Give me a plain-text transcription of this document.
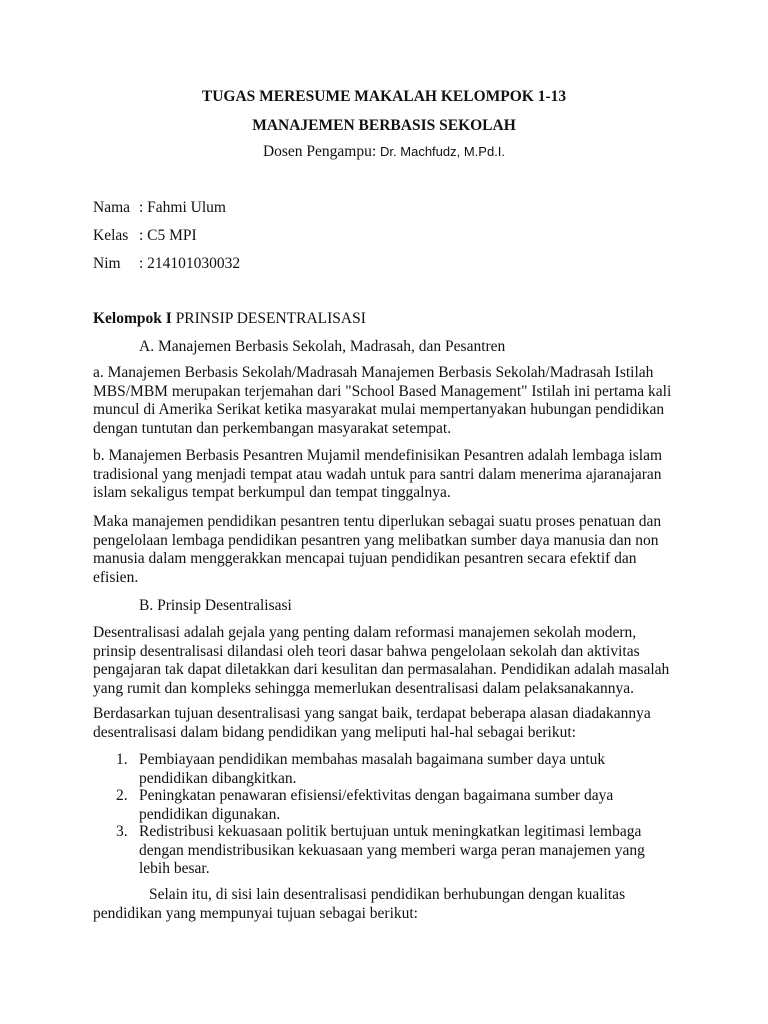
TUGAS MERESUME MAKALAH KELOMPOK 1-13
MANAJEMEN BERBASIS SEKOLAH
Dosen Pengampu: Dr. Machfudz, M.Pd.I.
Nama : Fahmi Ulum
Kelas : C5 MPI
Nim : 214101030032
Kelompok I PRINSIP DESENTRALISASI
A. Manajemen Berbasis Sekolah, Madrasah, dan Pesantren
a. Manajemen Berbasis Sekolah/Madrasah Manajemen Berbasis Sekolah/Madrasah Istilah
MBS/MBM merupakan terjemahan dari "School Based Management" Istilah ini pertama kali
muncul di Amerika Serikat ketika masyarakat mulai mempertanyakan hubungan pendidikan
dengan tuntutan dan perkembangan masyarakat setempat.
b. Manajemen Berbasis Pesantren Mujamil mendefinisikan Pesantren adalah lembaga islam
tradisional yang menjadi tempat atau wadah untuk para santri dalam menerima ajaranajaran
islam sekaligus tempat berkumpul dan tempat tinggalnya.
Maka manajemen pendidikan pesantren tentu diperlukan sebagai suatu proses penatuan dan
pengelolaan lembaga pendidikan pesantren yang melibatkan sumber daya manusia dan non
manusia dalam menggerakkan mencapai tujuan pendidikan pesantren secara efektif dan
efisien.
B. Prinsip Desentralisasi
Desentralisasi adalah gejala yang penting dalam reformasi manajemen sekolah modern,
prinsip desentralisasi dilandasi oleh teori dasar bahwa pengelolaan sekolah dan aktivitas
pengajaran tak dapat diletakkan dari kesulitan dan permasalahan. Pendidikan adalah masalah
yang rumit dan kompleks sehingga memerlukan desentralisasi dalam pelaksanakannya.
Berdasarkan tujuan desentralisasi yang sangat baik, terdapat beberapa alasan diadakannya
desentralisasi dalam bidang pendidikan yang meliputi hal-hal sebagai berikut:
1. Pembiayaan pendidikan membahas masalah bagaimana sumber daya untuk
pendidikan dibangkitkan.
2. Peningkatan penawaran efisiensi/efektivitas dengan bagaimana sumber daya
pendidikan digunakan.
3. Redistribusi kekuasaan politik bertujuan untuk meningkatkan legitimasi lembaga
dengan mendistribusikan kekuasaan yang memberi warga peran manajemen yang
lebih besar.
Selain itu, di sisi lain desentralisasi pendidikan berhubungan dengan kualitas
pendidikan yang mempunyai tujuan sebagai berikut:
